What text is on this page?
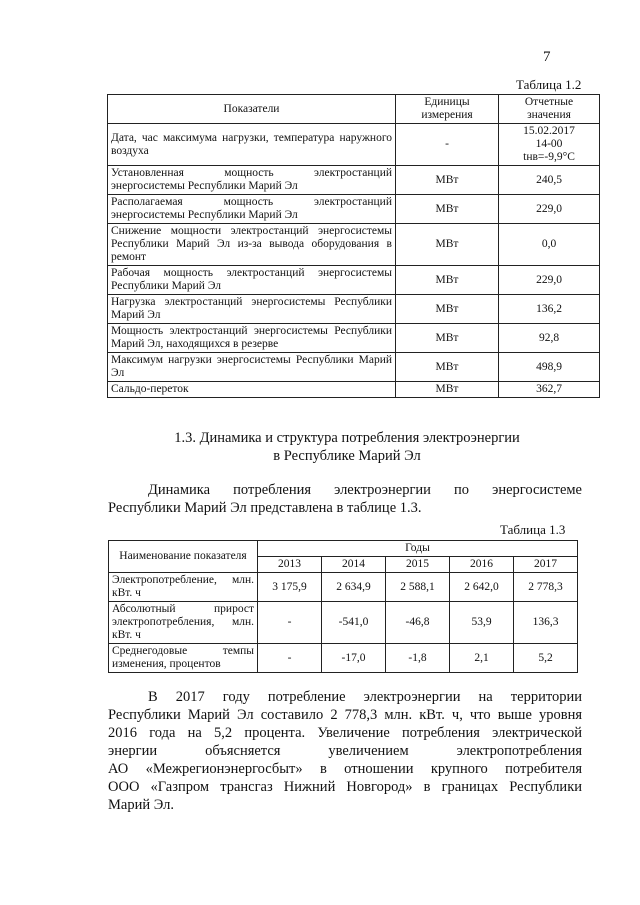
7
Таблица 1.2
Показатели	Единицы измерения	Отчетные значения
Дата, час максимума нагрузки, температура наружного воздуха	-	15.02.2017
14-00
tнв=-9,9°С
Установленная мощность электростанций энергосистемы Республики Марий Эл	МВт	240,5
Располагаемая мощность электростанций энергосистемы Республики Марий Эл	МВт	229,0
Снижение мощности электростанций энергосистемы Республики Марий Эл из-за вывода оборудования в ремонт	МВт	0,0
Рабочая мощность электростанций энергосистемы Республики Марий Эл	МВт	229,0
Нагрузка электростанций энергосистемы Республики Марий Эл	МВт	136,2
Мощность электростанций энергосистемы Республики Марий Эл, находящихся в резерве	МВт	92,8
Максимум нагрузки энергосистемы Республики Марий Эл	МВт	498,9
Сальдо-переток	МВт	362,7
1.3. Динамика и структура потребления электроэнергии
в Республике Марий Эл
Динамика потребления электроэнергии по энергосистеме
Республики Марий Эл представлена в таблице 1.3.
Таблица 1.3
Наименование показателя	Годы				
	2013	2014	2015	2016	2017
Электропотребление, млн. кВт. ч	3 175,9	2 634,9	2 588,1	2 642,0	2 778,3
Абсолютный прирост электропотребления, млн. кВт. ч	-	-541,0	-46,8	53,9	136,3
Среднегодовые темпы изменения, процентов	-	-17,0	-1,8	2,1	5,2
В 2017 году потребление электроэнергии на территории
Республики Марий Эл составило 2 778,3 млн. кВт. ч, что выше уровня
2016 года на 5,2 процента. Увеличение потребления электрической
энергии объясняется увеличением электропотребления
АО «Межрегионэнергосбыт» в отношении крупного потребителя
ООО «Газпром трансгаз Нижний Новгород» в границах Республики
Марий Эл.
